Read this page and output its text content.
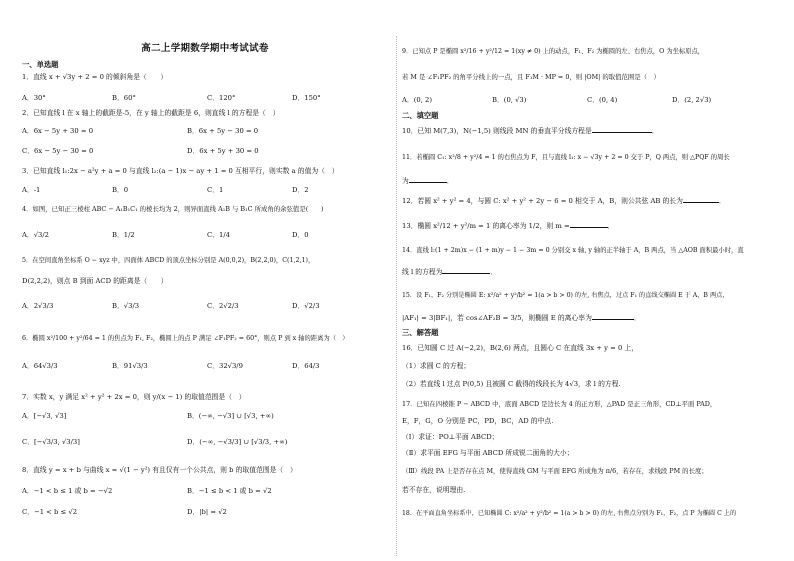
高二上学期数学期中考试试卷
一、单选题
1．直线 x + √3y + 2 = 0 的倾斜角是（　　）
A．30°	B．60°	C．120°	D．150°
2．已知直线 l 在 x 轴上的截距是-5，在 y 轴上的截距是 6，则直线 l 的方程是（　）
A．6x − 5y + 30 = 0	B．6x + 5y − 30 = 0
C．6x − 5y − 30 = 0	D．6x + 5y + 30 = 0
3．已知直线 l₁:2x − a²y + a = 0 与直线 l₂:(a − 1)x − ay + 1 = 0 互相平行，则实数 a 的值为（　）
A．-1	B．0	C．1	D．2
4．如图，已知正三棱柱 ABC − A₁B₁C₁ 的棱长均为 2，则异面直线 A₁B 与 B₁C 所成角的余弦值是(　　)
A．√3/2	B．1/2	C．1/4	D．0
5．在空间直角坐标系 O − xyz 中，四面体 ABCD 的顶点坐标分别是 A(0,0,2)，B(2,2,0)，C(1,2,1)，
D(2,2,2)，则点 B 到面 ACD 的距离是（　　）
A．2√3/3	B．√3/3	C．2√2/3	D．√2/3
6．椭圆 x²/100 + y²/64 = 1 的焦点为 F₁, F₂，椭圆上的点 P 满足 ∠F₁PF₂ = 60°，则点 P 到 x 轴的距离为（　）
A．64√3/3	B．91√3/3	C．32√3/9	D．64/3
7．实数 x，y 满足 x² + y² + 2x = 0，则 y/(x − 1) 的取值范围是（　）
A．[−√3, √3]	B．(−∞, −√3] ∪ [√3, +∞)
C．[−√3/3, √3/3]	D．(−∞, −√3/3] ∪ [√3/3, +∞)
8．直线 y = x + b 与曲线 x = √(1 − y²) 有且仅有一个公共点，则 b 的取值范围是（　）
A．−1 < b ≤ 1 或 b = −√2	B．−1 ≤ b < 1 或 b = √2
C．−1 < b ≤ √2	D．|b| = √2
9．已知点 P 是椭圆 x²/16 + y²/12 = 1(xy ≠ 0) 上的动点，F₁、F₂ 为椭圆的左、右焦点，O 为坐标原点，
若 M 是 ∠F₁PF₂ 的角平分线上的一点，且 F₁M · MP = 0，则 |OM| 的取值范围是（　）
A．(0, 2)	B．(0, √3)	C．(0, 4)	D．(2, 2√3)
二、填空题
10．已知 M(7,3)，N(−1,5) 则线段 MN 的垂直平分线方程是	．
11．若椭圆 C₁: x²/8 + y²/4 = 1 的右焦点为 F，且与直线 l₁: x − √3y + 2 = 0 交于 P，Q 两点，则 △PQF 的周长
为	．
12．若圆 x² + y² = 4，与圆 C: x² + y² + 2y − 6 = 0 相交于 A，B，则公共弦 AB 的长为	．
13．椭圆 x²/12 + y²/m = 1 的离心率为 1/2，则 m =	．
14．直线 l:(1 + 2m)x − (1 + m)y − 1 − 3m = 0 分别交 x 轴, y 轴的正半轴于 A，B 两点，当 △AOB 面积最小时，直
线 l 的方程为	．
15．设 F₁，F₂ 分别是椭圆 E: x²/a² + y²/b² = 1(a > b > 0) 的左, 右焦点，过点 F₁ 的直线交椭圆 E 于 A，B 两点，
|AF₁| = 3|BF₁|，若 cos∠AF₂B = 3/5，则椭圆 E 的离心率为	．
三、解答题
16．已知圆 C 过 A(−2,2)，B(2,6) 两点，且圆心 C 在直线 3x + y = 0 上，
（1）求圆 C 的方程；
（2）若直线 l 过点 P(0,5) 且被圆 C 截得的线段长为 4√3，求 l 的方程.
17．已知在四棱锥 P − ABCD 中，底面 ABCD 是边长为 4 的正方形，△PAD 是正三角形，CD⊥平面 PAD，
E，F，G，O 分别是 PC，PD，BC，AD 的中点.
（Ⅰ）求证：PO⊥平面 ABCD；
（Ⅱ）求平面 EFG 与平面 ABCD 所成锐二面角的大小；
（Ⅲ）线段 PA 上是否存在点 M，使得直线 GM 与平面 EFG 所成角为 π/6，若存在，求线段 PM 的长度；
若不存在，说明理由.
18．在平面直角坐标系中，已知椭圆 C: x²/a² + y²/b² = 1(a > b > 0) 的左, 右焦点分别为 F₁，F₂，点 P 为椭圆 C 上的
